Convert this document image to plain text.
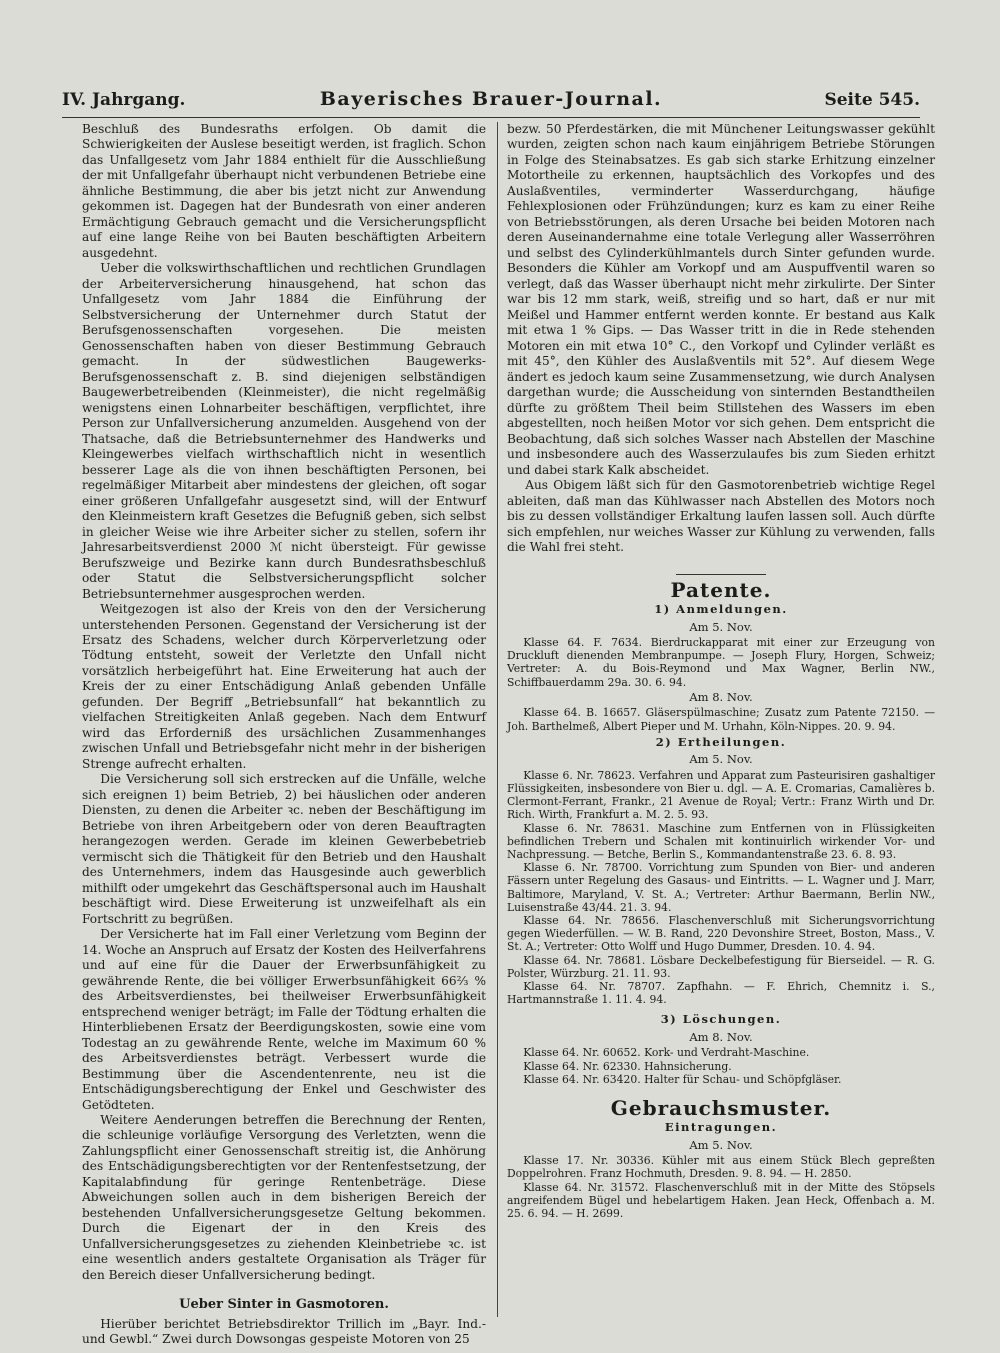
IV. Jahrgang.	Bayerisches Brauer-Journal.	Seite 545.

Beschluß des Bundesraths erfolgen. Ob damit die Schwierigkeiten der Auslese beseitigt werden, ist fraglich. Schon das Unfallgesetz vom Jahr 1884 enthielt für die Ausschließung der mit Unfallgefahr überhaupt nicht verbundenen Betriebe eine ähnliche Bestimmung, die aber bis jetzt nicht zur Anwendung gekommen ist. Dagegen hat der Bundesrath von einer anderen Ermächtigung Gebrauch gemacht und die Versicherungspflicht auf eine lange Reihe von bei Bauten beschäftigten Arbeitern ausgedehnt.

Ueber die volkswirthschaftlichen und rechtlichen Grundlagen der Arbeiterversicherung hinausgehend, hat schon das Unfallgesetz vom Jahr 1884 die Einführung der Selbstversicherung der Unternehmer durch Statut der Berufsgenossenschaften vorgesehen. Die meisten Genossenschaften haben von dieser Bestimmung Gebrauch gemacht. In der südwestlichen Baugewerks-Berufsgenossenschaft z. B. sind diejenigen selbständigen Baugewerbetreibenden (Kleinmeister), die nicht regelmäßig wenigstens einen Lohnarbeiter beschäftigen, verpflichtet, ihre Person zur Unfallversicherung anzumelden. Ausgehend von der Thatsache, daß die Betriebsunternehmer des Handwerks und Kleingewerbes vielfach wirthschaftlich nicht in wesentlich besserer Lage als die von ihnen beschäftigten Personen, bei regelmäßiger Mitarbeit aber mindestens der gleichen, oft sogar einer größeren Unfallgefahr ausgesetzt sind, will der Entwurf den Kleinmeistern kraft Gesetzes die Befugniß geben, sich selbst in gleicher Weise wie ihre Arbeiter sicher zu stellen, sofern ihr Jahresarbeitsverdienst 2000 ℳ nicht übersteigt. Für gewisse Berufszweige und Bezirke kann durch Bundesrathsbeschluß oder Statut die Selbstversicherungspflicht solcher Betriebsunternehmer ausgesprochen werden.

Weitgezogen ist also der Kreis von den der Versicherung unterstehenden Personen. Gegenstand der Versicherung ist der Ersatz des Schadens, welcher durch Körperverletzung oder Tödtung entsteht, soweit der Verletzte den Unfall nicht vorsätzlich herbeigeführt hat. Eine Erweiterung hat auch der Kreis der zu einer Entschädigung Anlaß gebenden Unfälle gefunden. Der Begriff „Betriebsunfall“ hat bekanntlich zu vielfachen Streitigkeiten Anlaß gegeben. Nach dem Entwurf wird das Erforderniß des ursächlichen Zusammenhanges zwischen Unfall und Betriebsgefahr nicht mehr in der bisherigen Strenge aufrecht erhalten.

Die Versicherung soll sich erstrecken auf die Unfälle, welche sich ereignen 1) beim Betrieb, 2) bei häuslichen oder anderen Diensten, zu denen die Arbeiter ꝛc. neben der Beschäftigung im Betriebe von ihren Arbeitgebern oder von deren Beauftragten herangezogen werden. Gerade im kleinen Gewerbebetrieb vermischt sich die Thätigkeit für den Betrieb und den Haushalt des Unternehmers, indem das Hausgesinde auch gewerblich mithilft oder umgekehrt das Geschäftspersonal auch im Haushalt beschäftigt wird. Diese Erweiterung ist unzweifelhaft als ein Fortschritt zu begrüßen.

Der Versicherte hat im Fall einer Verletzung vom Beginn der 14. Woche an Anspruch auf Ersatz der Kosten des Heilverfahrens und auf eine für die Dauer der Erwerbsunfähigkeit zu gewährende Rente, die bei völliger Erwerbsunfähigkeit 66⅔ % des Arbeitsverdienstes, bei theilweiser Erwerbsunfähigkeit entsprechend weniger beträgt; im Falle der Tödtung erhalten die Hinterbliebenen Ersatz der Beerdigungskosten, sowie eine vom Todestag an zu gewährende Rente, welche im Maximum 60 % des Arbeitsverdienstes beträgt. Verbessert wurde die Bestimmung über die Ascendentenrente, neu ist die Entschädigungsberechtigung der Enkel und Geschwister des Getödteten.

Weitere Aenderungen betreffen die Berechnung der Renten, die schleunige vorläufige Versorgung des Verletzten, wenn die Zahlungspflicht einer Genossenschaft streitig ist, die Anhörung des Entschädigungsberechtigten vor der Rentenfestsetzung, der Kapitalabfindung für geringe Rentenbeträge. Diese Abweichungen sollen auch in dem bisherigen Bereich der bestehenden Unfallversicherungsgesetze Geltung bekommen. Durch die Eigenart der in den Kreis des Unfallversicherungsgesetzes zu ziehenden Kleinbetriebe ꝛc. ist eine wesentlich anders gestaltete Organisation als Träger für den Bereich dieser Unfallversicherung bedingt.

Ueber Sinter in Gasmotoren.

Hierüber berichtet Betriebsdirektor Trillich im „Bayr. Ind.- und Gewbl.“ Zwei durch Dowsongas gespeiste Motoren von 25

bezw. 50 Pferdestärken, die mit Münchener Leitungswasser gekühlt wurden, zeigten schon nach kaum einjährigem Betriebe Störungen in Folge des Steinabsatzes. Es gab sich starke Erhitzung einzelner Motortheile zu erkennen, hauptsächlich des Vorkopfes und des Auslaßventiles, verminderter Wasserdurchgang, häufige Fehlexplosionen oder Frühzündungen; kurz es kam zu einer Reihe von Betriebsstörungen, als deren Ursache bei beiden Motoren nach deren Auseinandernahme eine totale Verlegung aller Wasserröhren und selbst des Cylinderkühlmantels durch Sinter gefunden wurde. Besonders die Kühler am Vorkopf und am Auspuffventil waren so verlegt, daß das Wasser überhaupt nicht mehr zirkulirte. Der Sinter war bis 12 mm stark, weiß, streifig und so hart, daß er nur mit Meißel und Hammer entfernt werden konnte. Er bestand aus Kalk mit etwa 1 % Gips. — Das Wasser tritt in die in Rede stehenden Motoren ein mit etwa 10° C., den Vorkopf und Cylinder verläßt es mit 45°, den Kühler des Auslaßventils mit 52°. Auf diesem Wege ändert es jedoch kaum seine Zusammensetzung, wie durch Analysen dargethan wurde; die Ausscheidung von sinternden Bestandtheilen dürfte zu größtem Theil beim Stillstehen des Wassers im eben abgestellten, noch heißen Motor vor sich gehen. Dem entspricht die Beobachtung, daß sich solches Wasser nach Abstellen der Maschine und insbesondere auch des Wasserzulaufes bis zum Sieden erhitzt und dabei stark Kalk abscheidet.

Aus Obigem läßt sich für den Gasmotorenbetrieb wichtige Regel ableiten, daß man das Kühlwasser nach Abstellen des Motors noch bis zu dessen vollständiger Erkaltung laufen lassen soll. Auch dürfte sich empfehlen, nur weiches Wasser zur Kühlung zu verwenden, falls die Wahl frei steht.

Patente.
1) Anmeldungen.
Am 5. Nov.

Klasse 64. F. 7634. Bierdruckapparat mit einer zur Erzeugung von Druckluft dienenden Membranpumpe. — Joseph Flury, Horgen, Schweiz; Vertreter: A. du Bois-Reymond und Max Wagner, Berlin NW., Schiffbauerdamm 29a. 30. 6. 94.

Am 8. Nov.

Klasse 64. B. 16657. Gläserspülmaschine; Zusatz zum Patente 72150. — Joh. Barthelmeß, Albert Pieper und M. Urhahn, Köln-Nippes. 20. 9. 94.

2) Ertheilungen.
Am 5. Nov.

Klasse 6. Nr. 78623. Verfahren und Apparat zum Pasteurisiren gashaltiger Flüssigkeiten, insbesondere von Bier u. dgl. — A. E. Cromarias, Camalières b. Clermont-Ferrant, Frankr., 21 Avenue de Royal; Vertr.: Franz Wirth und Dr. Rich. Wirth, Frankfurt a. M. 2. 5. 93.

Klasse 6. Nr. 78631. Maschine zum Entfernen von in Flüssigkeiten befindlichen Trebern und Schalen mit kontinuirlich wirkender Vor- und Nachpressung. — Betche, Berlin S., Kommandantenstraße 23. 6. 8. 93.

Klasse 6. Nr. 78700. Vorrichtung zum Spunden von Bier- und anderen Fässern unter Regelung des Gasaus- und Eintritts. — L. Wagner und J. Marr, Baltimore, Maryland, V. St. A.; Vertreter: Arthur Baermann, Berlin NW., Luisenstraße 43/44. 21. 3. 94.

Klasse 64. Nr. 78656. Flaschenverschluß mit Sicherungsvorrichtung gegen Wiederfüllen. — W. B. Rand, 220 Devonshire Street, Boston, Mass., V. St. A.; Vertreter: Otto Wolff und Hugo Dummer, Dresden. 10. 4. 94.

Klasse 64. Nr. 78681. Lösbare Deckelbefestigung für Bierseidel. — R. G. Polster, Würzburg. 21. 11. 93.

Klasse 64. Nr. 78707. Zapfhahn. — F. Ehrich, Chemnitz i. S., Hartmannstraße 1. 11. 4. 94.

3) Löschungen.
Am 8. Nov.

Klasse 64. Nr. 60652. Kork- und Verdraht-Maschine.

Klasse 64. Nr. 62330. Hahnsicherung.

Klasse 64. Nr. 63420. Halter für Schau- und Schöpfgläser.

Gebrauchsmuster.
Eintragungen.
Am 5. Nov.

Klasse 17. Nr. 30336. Kühler mit aus einem Stück Blech gepreßten Doppelrohren. Franz Hochmuth, Dresden. 9. 8. 94. — H. 2850.

Klasse 64. Nr. 31572. Flaschenverschluß mit in der Mitte des Stöpsels angreifendem Bügel und hebelartigem Haken. Jean Heck, Offenbach a. M. 25. 6. 94. — H. 2699.
